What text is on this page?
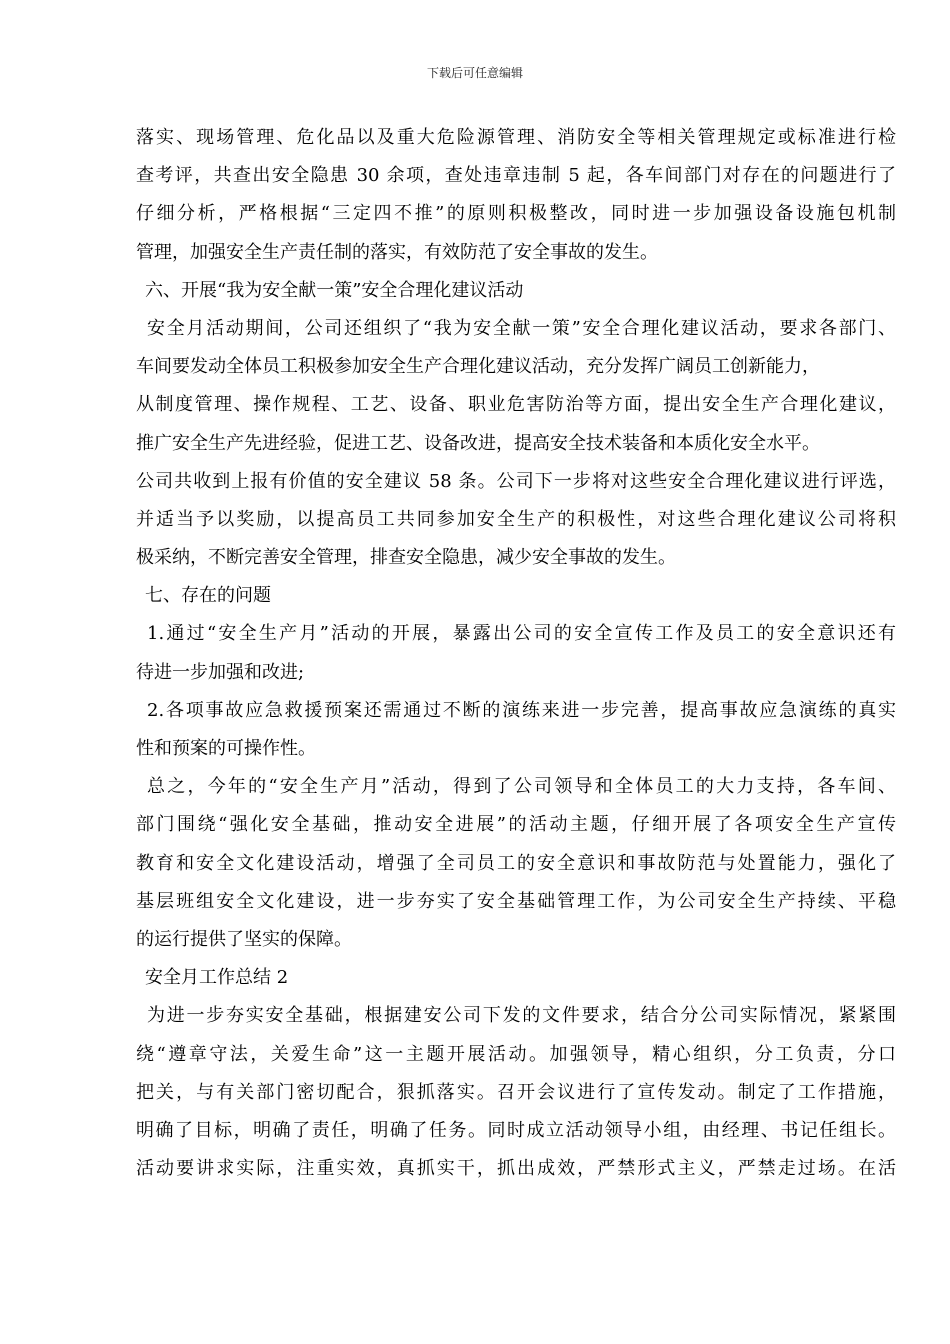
下载后可任意编辑
落实、现场管理、危化品以及重大危险源管理、消防安全等相关管理规定或标准进行检
查考评，共查出安全隐患 30 余项，查处违章违制 5 起，各车间部门对存在的问题进行了
仔细分析，严格根据“三定四不推”的原则积极整改，同时进一步加强设备设施包机制
管理，加强安全生产责任制的落实，有效防范了安全事故的发生。
六、开展“我为安全献一策”安全合理化建议活动
安全月活动期间，公司还组织了“我为安全献一策”安全合理化建议活动，要求各部门、
车间要发动全体员工积极参加安全生产合理化建议活动，充分发挥广阔员工创新能力，
从制度管理、操作规程、工艺、设备、职业危害防治等方面，提出安全生产合理化建议，
推广安全生产先进经验，促进工艺、设备改进，提高安全技术装备和本质化安全水平。
公司共收到上报有价值的安全建议 58 条。公司下一步将对这些安全合理化建议进行评选，
并适当予以奖励，以提高员工共同参加安全生产的积极性，对这些合理化建议公司将积
极采纳，不断完善安全管理，排查安全隐患，减少安全事故的发生。
七、存在的问题
1.通过“安全生产月”活动的开展，暴露出公司的安全宣传工作及员工的安全意识还有
待进一步加强和改进;
2.各项事故应急救援预案还需通过不断的演练来进一步完善，提高事故应急演练的真实
性和预案的可操作性。
总之，今年的“安全生产月”活动，得到了公司领导和全体员工的大力支持，各车间、
部门围绕“强化安全基础，推动安全进展”的活动主题，仔细开展了各项安全生产宣传
教育和安全文化建设活动，增强了全司员工的安全意识和事故防范与处置能力，强化了
基层班组安全文化建设，进一步夯实了安全基础管理工作，为公司安全生产持续、平稳
的运行提供了坚实的保障。
安全月工作总结 2
为进一步夯实安全基础，根据建安公司下发的文件要求，结合分公司实际情况，紧紧围
绕“遵章守法，关爱生命”这一主题开展活动。加强领导，精心组织，分工负责，分口
把关，与有关部门密切配合，狠抓落实。召开会议进行了宣传发动。制定了工作措施，
明确了目标，明确了责任，明确了任务。同时成立活动领导小组，由经理、书记任组长。
活动要讲求实际，注重实效，真抓实干，抓出成效，严禁形式主义，严禁走过场。在活
